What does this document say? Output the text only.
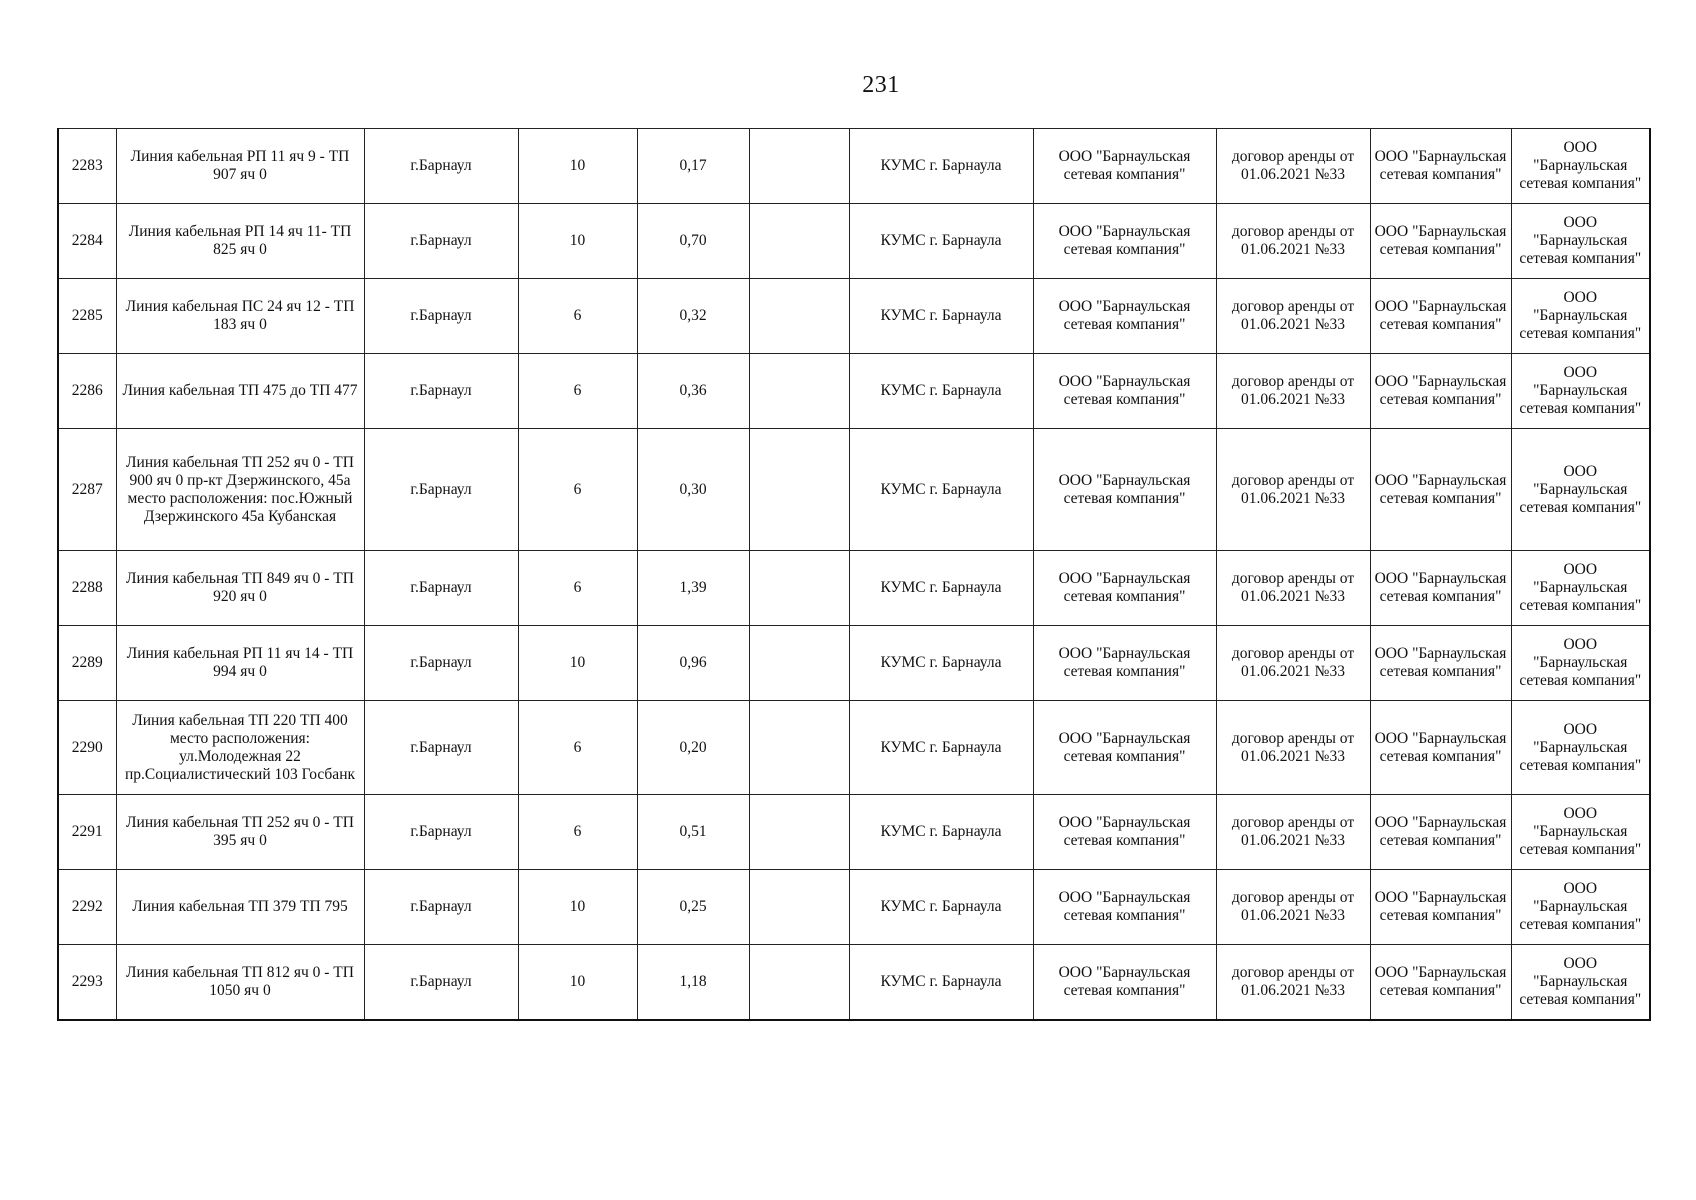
231
2283	Линия кабельная РП 11 яч 9 - ТП 907 яч 0	г.Барнаул	10	0,17		КУМС г. Барнаула	ООО "Барнаульская сетевая компания"	договор аренды от 01.06.2021 №33	ООО "Барнаульская сетевая компания"	ООО "Барнаульская сетевая компания"
2284	Линия кабельная РП 14 яч 11- ТП 825 яч 0	г.Барнаул	10	0,70		КУМС г. Барнаула	ООО "Барнаульская сетевая компания"	договор аренды от 01.06.2021 №33	ООО "Барнаульская сетевая компания"	ООО "Барнаульская сетевая компания"
2285	Линия кабельная ПС 24 яч 12 - ТП 183 яч 0	г.Барнаул	6	0,32		КУМС г. Барнаула	ООО "Барнаульская сетевая компания"	договор аренды от 01.06.2021 №33	ООО "Барнаульская сетевая компания"	ООО "Барнаульская сетевая компания"
2286	Линия кабельная ТП 475 до ТП 477	г.Барнаул	6	0,36		КУМС г. Барнаула	ООО "Барнаульская сетевая компания"	договор аренды от 01.06.2021 №33	ООО "Барнаульская сетевая компания"	ООО "Барнаульская сетевая компания"
2287	Линия кабельная ТП 252 яч 0 - ТП 900 яч 0 пр-кт Дзержинского, 45а место расположения: пос.Южный Дзержинского 45а Кубанская	г.Барнаул	6	0,30		КУМС г. Барнаула	ООО "Барнаульская сетевая компания"	договор аренды от 01.06.2021 №33	ООО "Барнаульская сетевая компания"	ООО "Барнаульская сетевая компания"
2288	Линия кабельная ТП 849 яч 0 - ТП 920 яч 0	г.Барнаул	6	1,39		КУМС г. Барнаула	ООО "Барнаульская сетевая компания"	договор аренды от 01.06.2021 №33	ООО "Барнаульская сетевая компания"	ООО "Барнаульская сетевая компания"
2289	Линия кабельная РП 11 яч 14 - ТП 994 яч 0	г.Барнаул	10	0,96		КУМС г. Барнаула	ООО "Барнаульская сетевая компания"	договор аренды от 01.06.2021 №33	ООО "Барнаульская сетевая компания"	ООО "Барнаульская сетевая компания"
2290	Линия кабельная ТП 220 ТП 400 место расположения: ул.Молодежная 22 пр.Социалистический 103 Госбанк	г.Барнаул	6	0,20		КУМС г. Барнаула	ООО "Барнаульская сетевая компания"	договор аренды от 01.06.2021 №33	ООО "Барнаульская сетевая компания"	ООО "Барнаульская сетевая компания"
2291	Линия кабельная ТП 252 яч 0 - ТП 395 яч 0	г.Барнаул	6	0,51		КУМС г. Барнаула	ООО "Барнаульская сетевая компания"	договор аренды от 01.06.2021 №33	ООО "Барнаульская сетевая компания"	ООО "Барнаульская сетевая компания"
2292	Линия кабельная ТП 379 ТП 795	г.Барнаул	10	0,25		КУМС г. Барнаула	ООО "Барнаульская сетевая компания"	договор аренды от 01.06.2021 №33	ООО "Барнаульская сетевая компания"	ООО "Барнаульская сетевая компания"
2293	Линия кабельная ТП 812 яч 0 - ТП 1050 яч 0	г.Барнаул	10	1,18		КУМС г. Барнаула	ООО "Барнаульская сетевая компания"	договор аренды от 01.06.2021 №33	ООО "Барнаульская сетевая компания"	ООО "Барнаульская сетевая компания"
